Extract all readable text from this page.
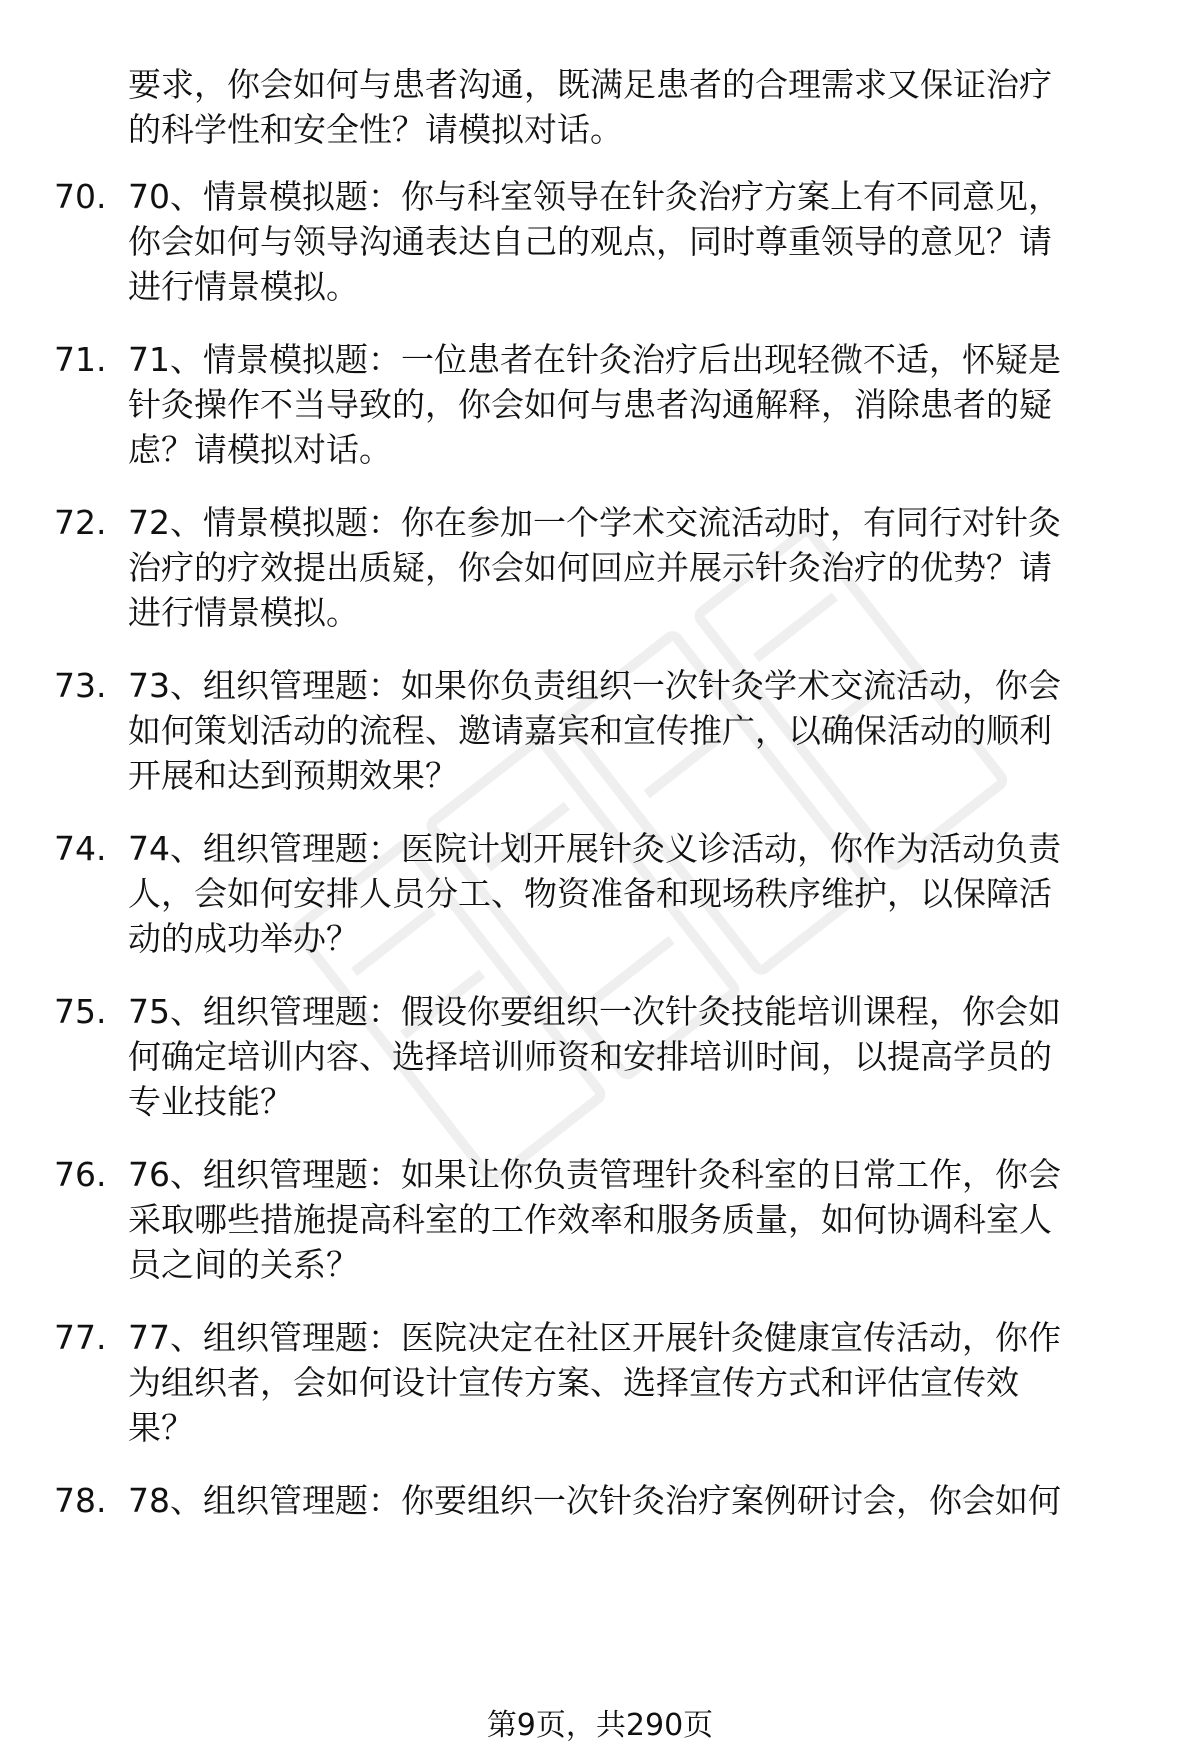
要求，你会如何与患者沟通，既满足患者的合理需求又保证治疗
的科学性和安全性？请模拟对话。
70. 70、情景模拟题：你与科室领导在针灸治疗方案上有不同意见，
你会如何与领导沟通表达自己的观点，同时尊重领导的意见？请
进行情景模拟。
71. 71、情景模拟题：一位患者在针灸治疗后出现轻微不适，怀疑是
针灸操作不当导致的，你会如何与患者沟通解释，消除患者的疑
虑？请模拟对话。
72. 72、情景模拟题：你在参加一个学术交流活动时，有同行对针灸
治疗的疗效提出质疑，你会如何回应并展示针灸治疗的优势？请
进行情景模拟。
73. 73、组织管理题：如果你负责组织一次针灸学术交流活动，你会
如何策划活动的流程、邀请嘉宾和宣传推广，以确保活动的顺利
开展和达到预期效果？
74. 74、组织管理题：医院计划开展针灸义诊活动，你作为活动负责
人，会如何安排人员分工、物资准备和现场秩序维护，以保障活
动的成功举办？
75. 75、组织管理题：假设你要组织一次针灸技能培训课程，你会如
何确定培训内容、选择培训师资和安排培训时间，以提高学员的
专业技能？
76. 76、组织管理题：如果让你负责管理针灸科室的日常工作，你会
采取哪些措施提高科室的工作效率和服务质量，如何协调科室人
员之间的关系？
77. 77、组织管理题：医院决定在社区开展针灸健康宣传活动，你作
为组织者，会如何设计宣传方案、选择宣传方式和评估宣传效
果？
78. 78、组织管理题：你要组织一次针灸治疗案例研讨会，你会如何
第9页，共290页
